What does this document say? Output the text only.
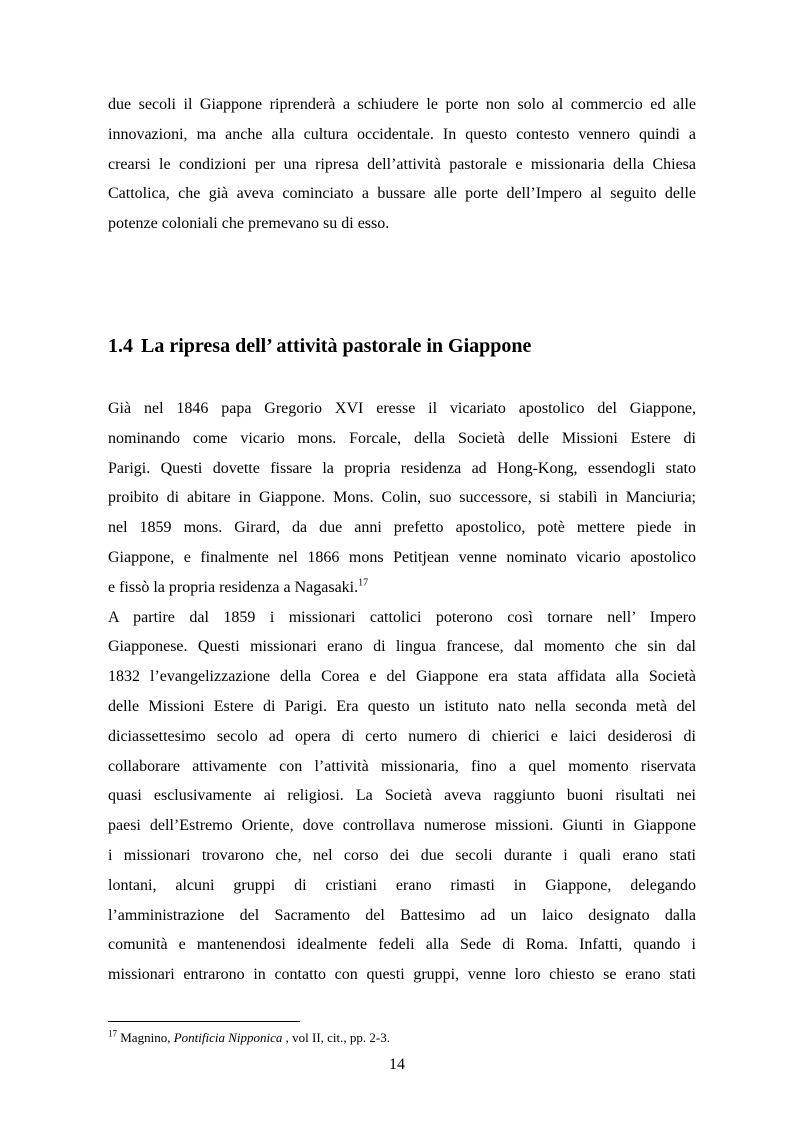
due secoli il Giappone riprenderà a schiudere le porte non solo al commercio ed alle
innovazioni, ma anche alla cultura occidentale. In questo contesto vennero quindi a
crearsi le condizioni per una ripresa dell’attività pastorale e missionaria della Chiesa
Cattolica, che già aveva cominciato a bussare alle porte dell’Impero al seguito delle
potenze coloniali che premevano su di esso.
1.4 La ripresa dell’ attività pastorale in Giappone
Già nel 1846 papa Gregorio XVI eresse il vicariato apostolico del Giappone,
nominando come vicario mons. Forcale, della Società delle Missioni Estere di
Parigi. Questi dovette fissare la propria residenza ad Hong-Kong, essendogli stato
proibito di abitare in Giappone. Mons. Colin, suo successore, si stabilì in Manciuria;
nel 1859 mons. Girard, da due anni prefetto apostolico, potè mettere piede in
Giappone, e finalmente nel 1866 mons Petitjean venne nominato vicario apostolico
e fissò la propria residenza a Nagasaki.$^{17}$
A partire dal 1859 i missionari cattolici poterono così tornare nell’ Impero
Giapponese. Questi missionari erano di lingua francese, dal momento che sin dal
1832 l’evangelizzazione della Corea e del Giappone era stata affidata alla Società
delle Missioni Estere di Parigi. Era questo un istituto nato nella seconda metà del
diciassettesimo secolo ad opera di certo numero di chierici e laici desiderosi di
collaborare attivamente con l’attività missionaria, fino a quel momento riservata
quasi esclusivamente ai religiosi. La Società aveva raggiunto buoni risultati nei
paesi dell’Estremo Oriente, dove controllava numerose missioni. Giunti in Giappone
i missionari trovarono che, nel corso dei due secoli durante i quali erano stati
lontani, alcuni gruppi di cristiani erano rimasti in Giappone, delegando
l’amministrazione del Sacramento del Battesimo ad un laico designato dalla
comunità e mantenendosi idealmente fedeli alla Sede di Roma. Infatti, quando i
missionari entrarono in contatto con questi gruppi, venne loro chiesto se erano stati
$^{17}$ Magnino, Pontificia Nipponica , vol II, cit., pp. 2-3.
14
